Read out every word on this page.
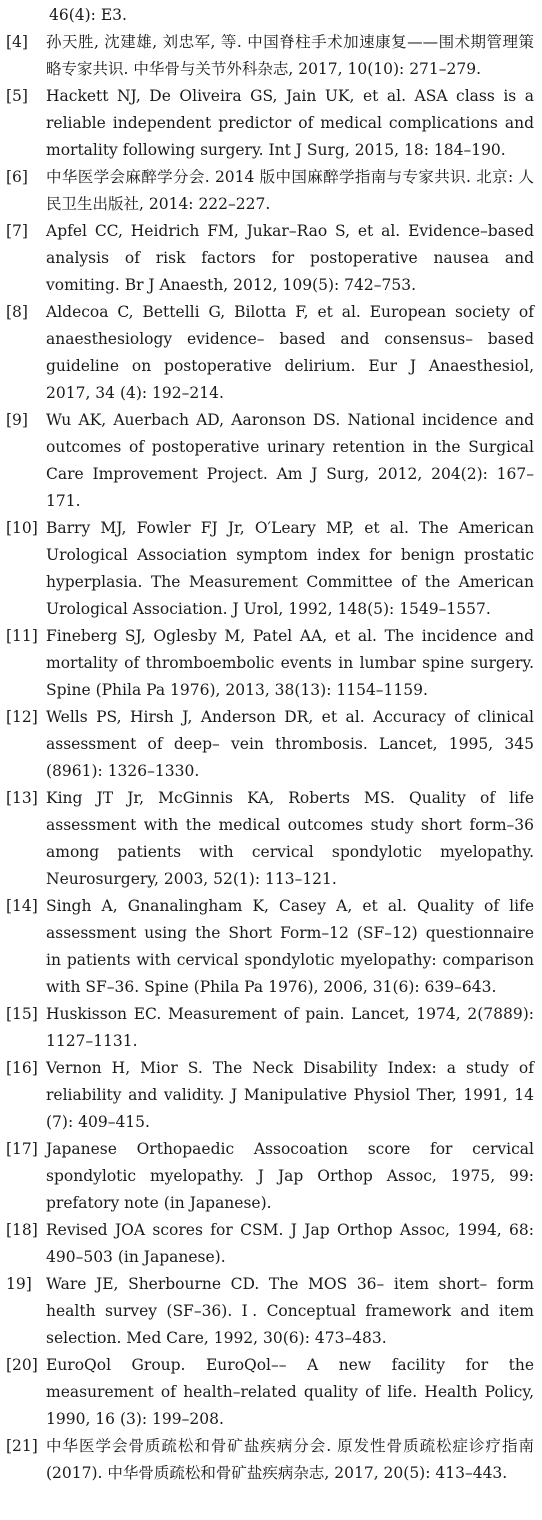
46(4): E3.
[4]	孙天胜, 沈建雄, 刘忠军, 等. 中国脊柱手术加速康复——围术期管理策略专家共识. 中华骨与关节外科杂志, 2017, 10(10): 271–279.
[5]	Hackett NJ, De Oliveira GS, Jain UK, et al. ASA class is a reliable independent predictor of medical complications and mortality following surgery. Int J Surg, 2015, 18: 184–190.
[6]	中华医学会麻醉学分会. 2014 版中国麻醉学指南与专家共识. 北京: 人民卫生出版社, 2014: 222–227.
[7]	Apfel CC, Heidrich FM, Jukar–Rao S, et al. Evidence–based analysis of risk factors for postoperative nausea and vomiting. Br J Anaesth, 2012, 109(5): 742–753.
[8]	Aldecoa C, Bettelli G, Bilotta F, et al. European society of anaesthesiology evidence– based and consensus– based guideline on postoperative delirium. Eur J Anaesthesiol, 2017, 34 (4): 192–214.
[9]	Wu AK, Auerbach AD, Aaronson DS. National incidence and outcomes of postoperative urinary retention in the Surgical Care Improvement Project. Am J Surg, 2012, 204(2): 167–171.
[10] Barry MJ, Fowler FJ Jr, O′Leary MP, et al. The American Urological Association symptom index for benign prostatic hyperplasia. The Measurement Committee of the American Urological Association. J Urol, 1992, 148(5): 1549–1557.
[11] Fineberg SJ, Oglesby M, Patel AA, et al. The incidence and mortality of thromboembolic events in lumbar spine surgery. Spine (Phila Pa 1976), 2013, 38(13): 1154–1159.
[12] Wells PS, Hirsh J, Anderson DR, et al. Accuracy of clinical assessment of deep– vein thrombosis. Lancet, 1995, 345 (8961): 1326–1330.
[13] King JT Jr, McGinnis KA, Roberts MS. Quality of life assessment with the medical outcomes study short form–36 among patients with cervical spondylotic myelopathy. Neurosurgery, 2003, 52(1): 113–121.
[14] Singh A, Gnanalingham K, Casey A, et al. Quality of life assessment using the Short Form–12 (SF–12) questionnaire in patients with cervical spondylotic myelopathy: comparison with SF–36. Spine (Phila Pa 1976), 2006, 31(6): 639–643.
[15] Huskisson EC. Measurement of pain. Lancet, 1974, 2(7889): 1127–1131.
[16] Vernon H, Mior S. The Neck Disability Index: a study of reliability and validity. J Manipulative Physiol Ther, 1991, 14 (7): 409–415.
[17] Japanese Orthopaedic Assocoation score for cervical spondylotic myelopathy. J Jap Orthop Assoc, 1975, 99: prefatory note (in Japanese).
[18] Revised JOA scores for CSM. J Jap Orthop Assoc, 1994, 68: 490–503 (in Japanese).
19] Ware JE, Sherbourne CD. The MOS 36– item short– form health survey (SF–36). Ⅰ. Conceptual framework and item selection. Med Care, 1992, 30(6): 473–483.
[20] EuroQol Group. EuroQol–– A new facility for the measurement of health–related quality of life. Health Policy, 1990, 16 (3): 199–208.
[21] 中华医学会骨质疏松和骨矿盐疾病分会. 原发性骨质疏松症诊疗指南(2017). 中华骨质疏松和骨矿盐疾病杂志, 2017, 20(5): 413–443.
